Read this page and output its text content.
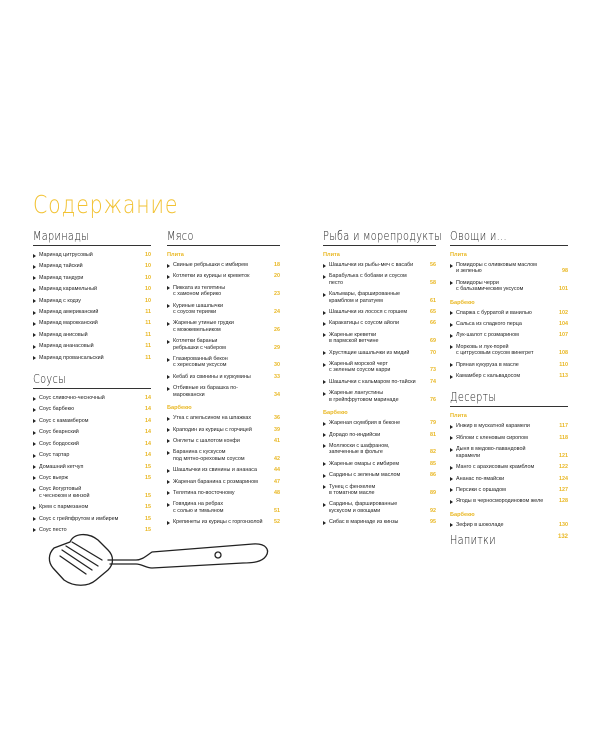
Содержание
Маринады
Маринад цитрусовый	10
Маринад тайский	10
Маринад тандури	10
Маринад карамельный	10
Маринад с кодзу	10
Маринад американский	11
Маринад марокканский	11
Маринад анисовый	11
Маринад ананасовый	11
Маринад провансальский	11
Соусы
Соус сливочно-чесночный	14
Соус барбекю	14
Соус с камамбером	14
Соус беарнский	14
Соус бордоский	14
Соус тартар	14
Домашний кетчуп	15
Соус вьерж	15
Соус йогуртовый
с чесноком и кинзой	15
Крем с пармезаном	15
Соус с грейпфрутом и имбирем	15
Соус песто	15
Мясо
Плита
Свиные ребрышки с имбирем	18
Котлетки из курицы и креветок	20
Пикката из телятины
с хамоном иберико	23
Куриные шашлычки
с соусом терияки	24
Жареные утиные грудки
с можжевельником	26
Котлетки бараньи
ребрышки с чабером	29
Глазированный бекон
с хересовым уксусом	30
Кебаб из свинины и куркумины	33
Отбивные из барашка по-мароккански	34
Барбекю
Утка с апельсином на шпажках	36
Краподин из курицы с горчицей	39
Онглеты с шалотом конфи	41
Баранина с кускусом
под мятно-ореховым соусом	42
Шашлычки из свинины и ананаса	44
Жареная баранина с розмарином	47
Телятина по-восточному	48
Говядина на ребрах
с солью и тимьяном	51
Крепинеты из курицы с горгонзолой 52
Рыба и морепродукты
Плита
Шашлычки из рыбы-меч с васаби	56
Барабулька с бобами и соусом песто	58
Кальмары, фаршированные
крамблом и рататуем	61
Шашлычки из лосося с горшем	65
Каракатицы с соусом айоли	66
Жареные креветки
в пармской ветчине	69
Хрустящие шашлычки из мидий	70
Жареный морской черт
с зеленым соусом карри	73
Шашлычки с кальмаром по-тайски	74
Жареные лангустины
в грейпфрутовом маринаде	76
Барбекю
Жареная скумбрия в беконе	79
Дорадо по-индийски	81
Моллюски с шафраном,
запеченные в фольге	82
Жареные омары с имбирем	85
Сардины с зеленым маслом	86
Тунец с фенхелем
в томатном масле	89
Сардины, фаршированные
кускусом и овощами	92
Сибас в маринаде из кинзы	95
Овощи и...
Плита
Помидоры с оливковым маслом
и зеленью	98
Помидоры черри
с бальзамическим уксусом	101
Барбекю
Спаржа с бурратой и ванилью	102
Сальса из сладкого перца	104
Лук-шалот с розмарином	107
Морковь и лук-порей
с цитрусовым соусом винегрет	108
Пряная кукуруза в масле	110
Камамбер с кальвадосом	113
Десерты
Плита
Инжир в мускатной карамели	117
Яблоки с кленовым сиропом	118
Дыня в медово-лавандовой
карамели	121
Манго с арахисовым крамблом	122
Ананас по-ямайски	124
Персики с оршадом	127
Ягоды в черносмородиновом желе	128
Барбекю
Зефир в шоколаде	130
Напитки	132
